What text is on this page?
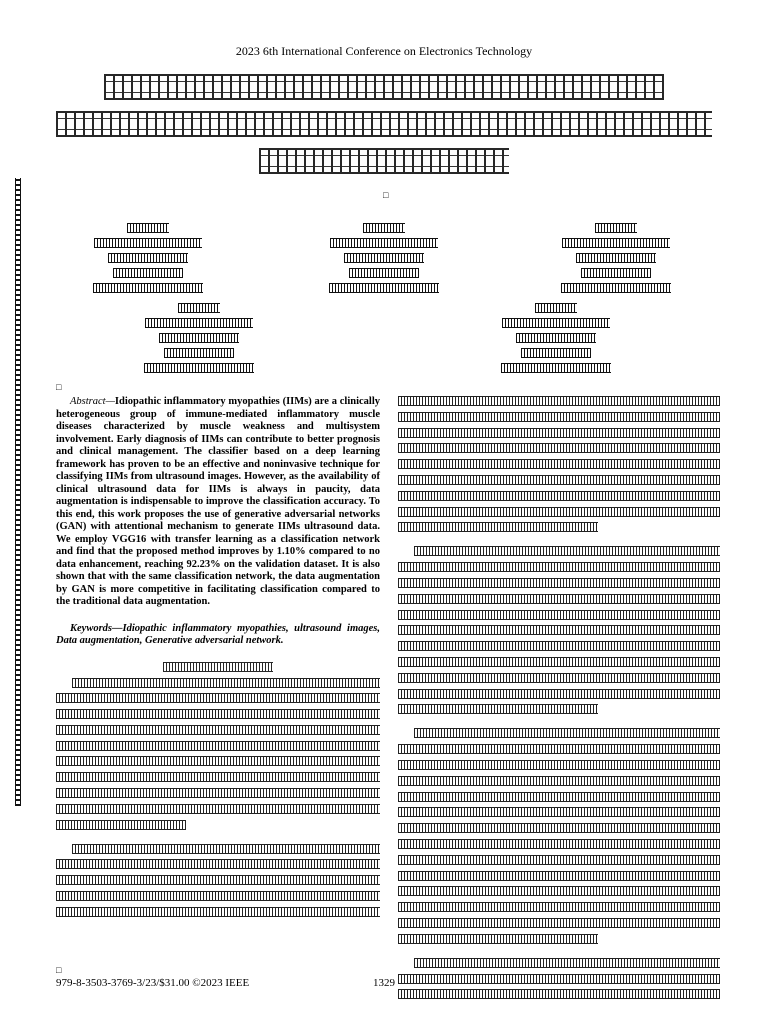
2023 6th International Conference on Electronics Technology
□
□

Abstract—Idiopathic inflammatory myopathies (IIMs) are a clinically heterogeneous group of immune-mediated inflammatory muscle diseases characterized by muscle weakness and multisystem involvement. Early diagnosis of IIMs can contribute to better prognosis and clinical management. The classifier based on a deep learning framework has proven to be an effective and noninvasive technique for classifying IIMs from ultrasound images. However, as the availability of clinical ultrasound data for IIMs is always in paucity, data augmentation is indispensable to improve the classification accuracy. To this end, this work proposes the use of generative adversarial networks (GAN) with attentional mechanism to generate IIMs ultrasound data. We employ VGG16 with transfer learning as a classification network and find that the proposed method improves by 1.10% compared to no data enhancement, reaching 92.23% on the validation dataset. It is also shown that with the same classification network, the data augmentation by GAN is more competitive in facilitating classification compared to the traditional data augmentation.

Keywords—Idiopathic inflammatory myopathies, ultrasound images, Data augmentation, Generative adversarial network.

□
979-8-3503-3769-3/23/$31.00 ©2023 IEEE	1329
